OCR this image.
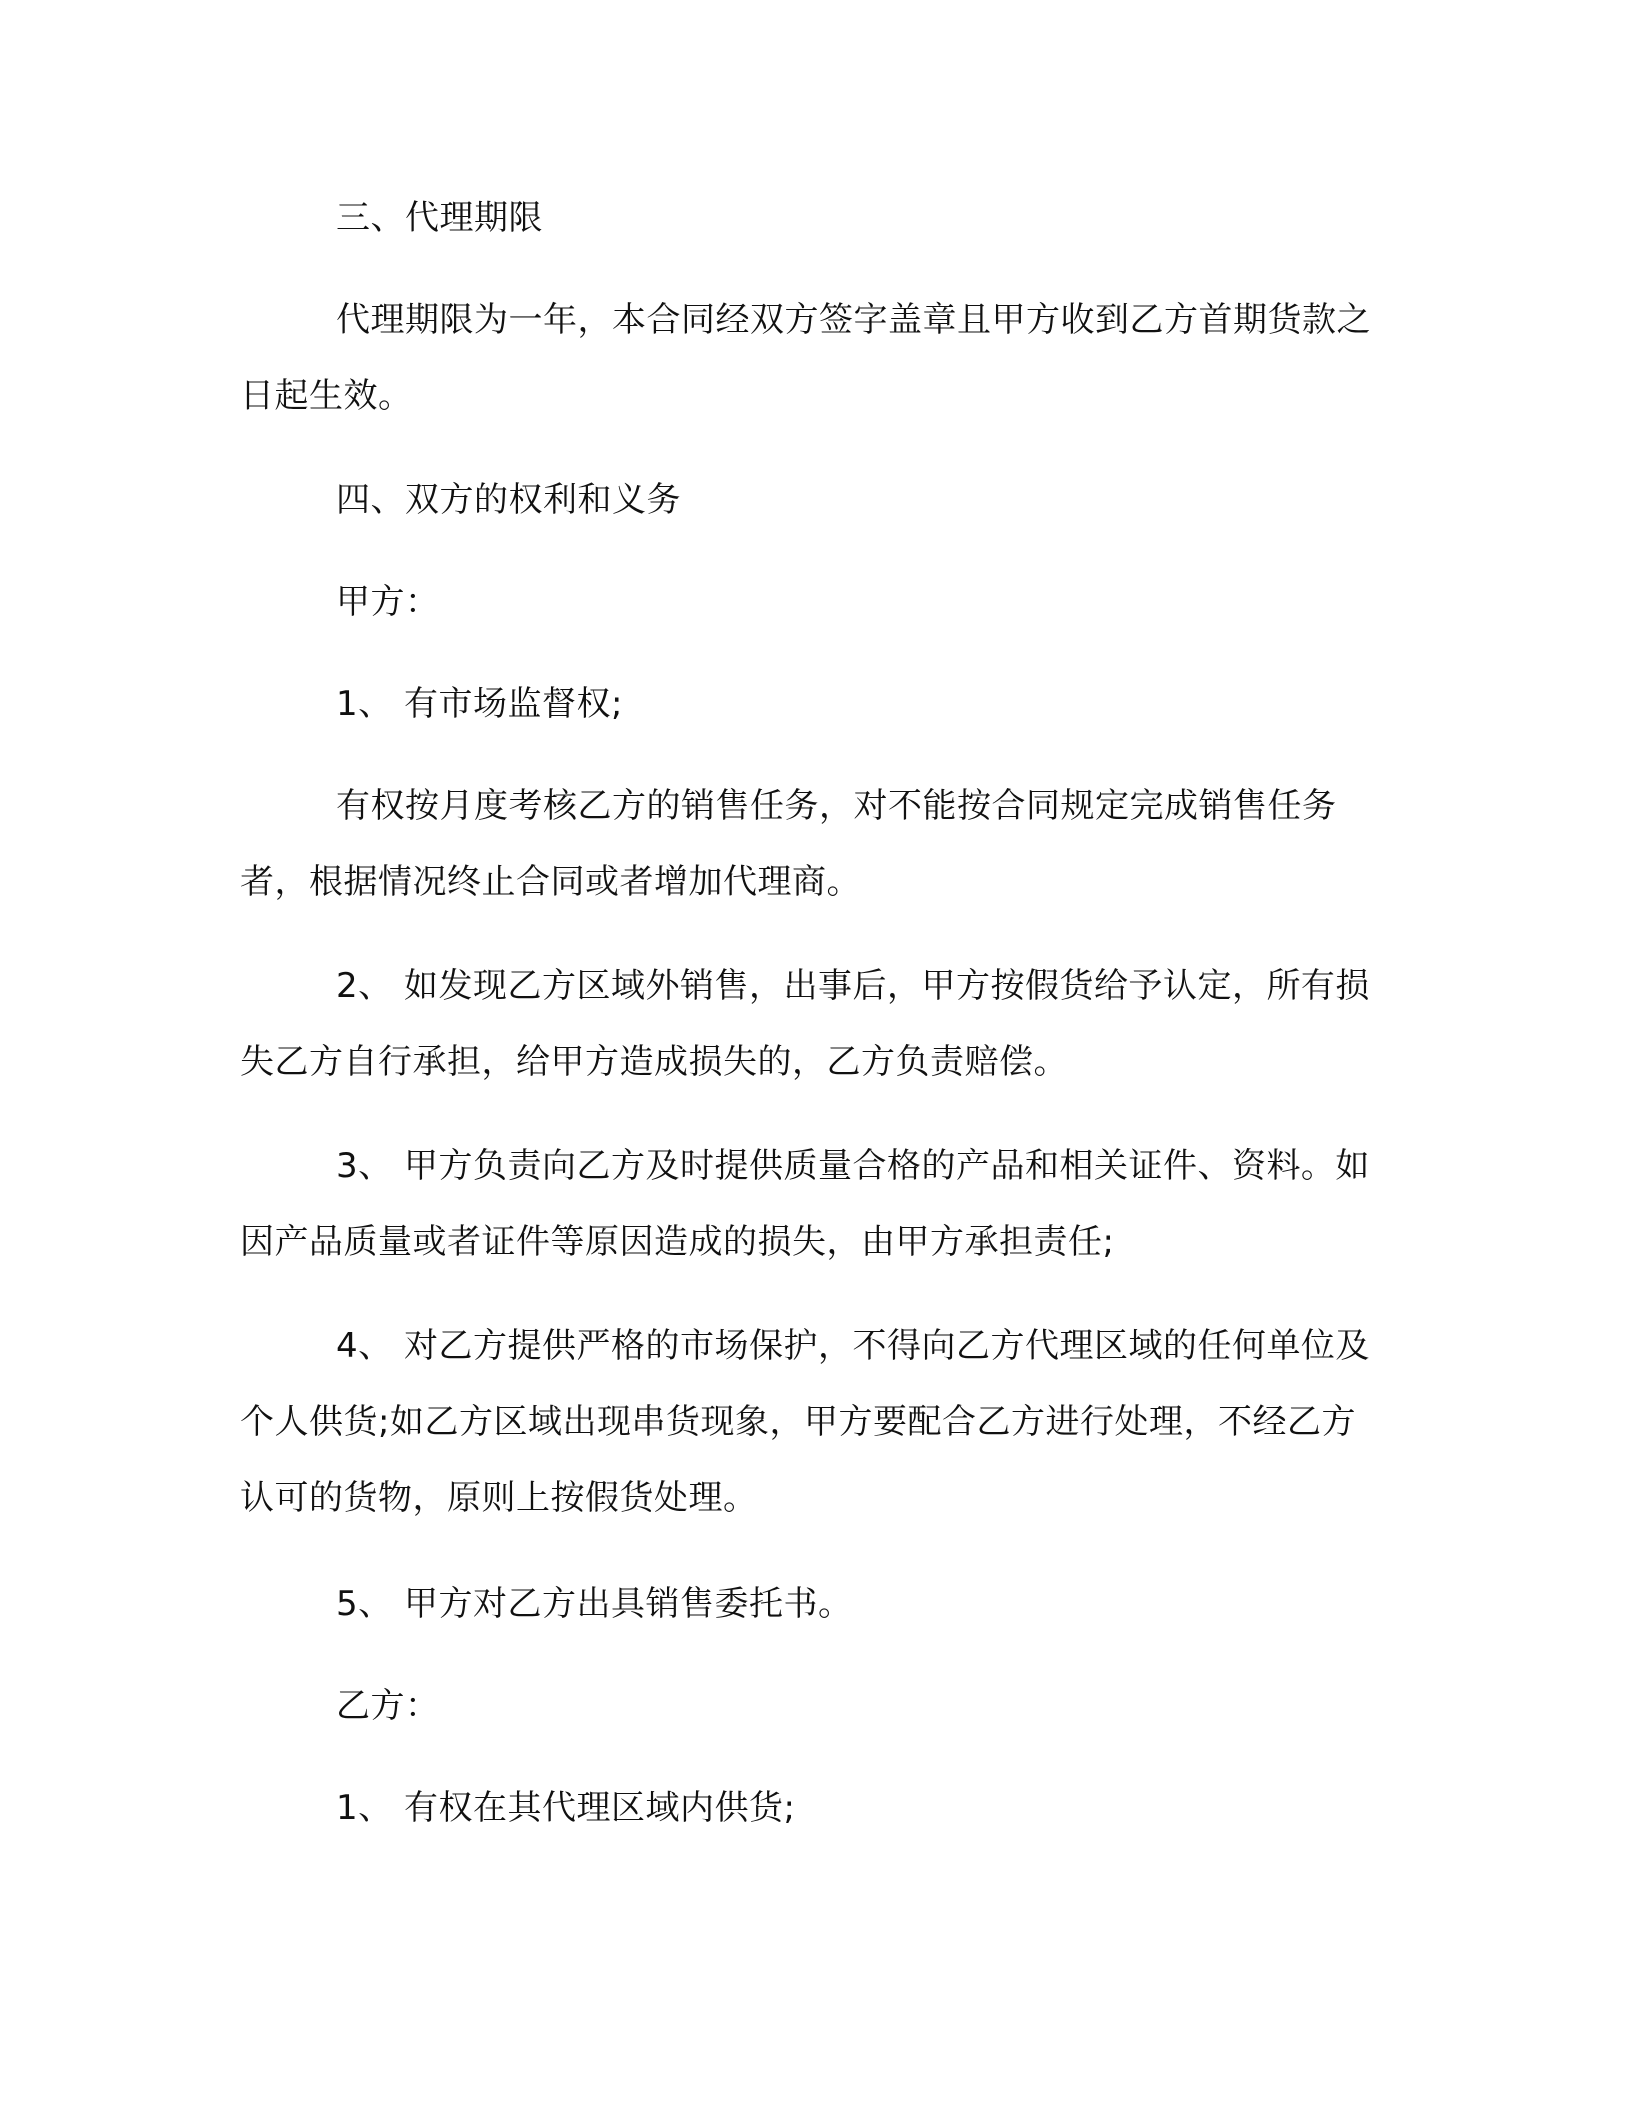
三、代理期限

代理期限为一年，本合同经双方签字盖章且甲方收到乙方首期货款之日起生效。

四、双方的权利和义务

甲方：

1、 有市场监督权;

有权按月度考核乙方的销售任务，对不能按合同规定完成销售任务者，根据情况终止合同或者增加代理商。

2、 如发现乙方区域外销售，出事后，甲方按假货给予认定，所有损失乙方自行承担，给甲方造成损失的，乙方负责赔偿。

3、 甲方负责向乙方及时提供质量合格的产品和相关证件、资料。如因产品质量或者证件等原因造成的损失，由甲方承担责任;

4、 对乙方提供严格的市场保护，不得向乙方代理区域的任何单位及个人供货;如乙方区域出现串货现象，甲方要配合乙方进行处理，不经乙方认可的货物，原则上按假货处理。

5、 甲方对乙方出具销售委托书。

乙方：

1、 有权在其代理区域内供货;
